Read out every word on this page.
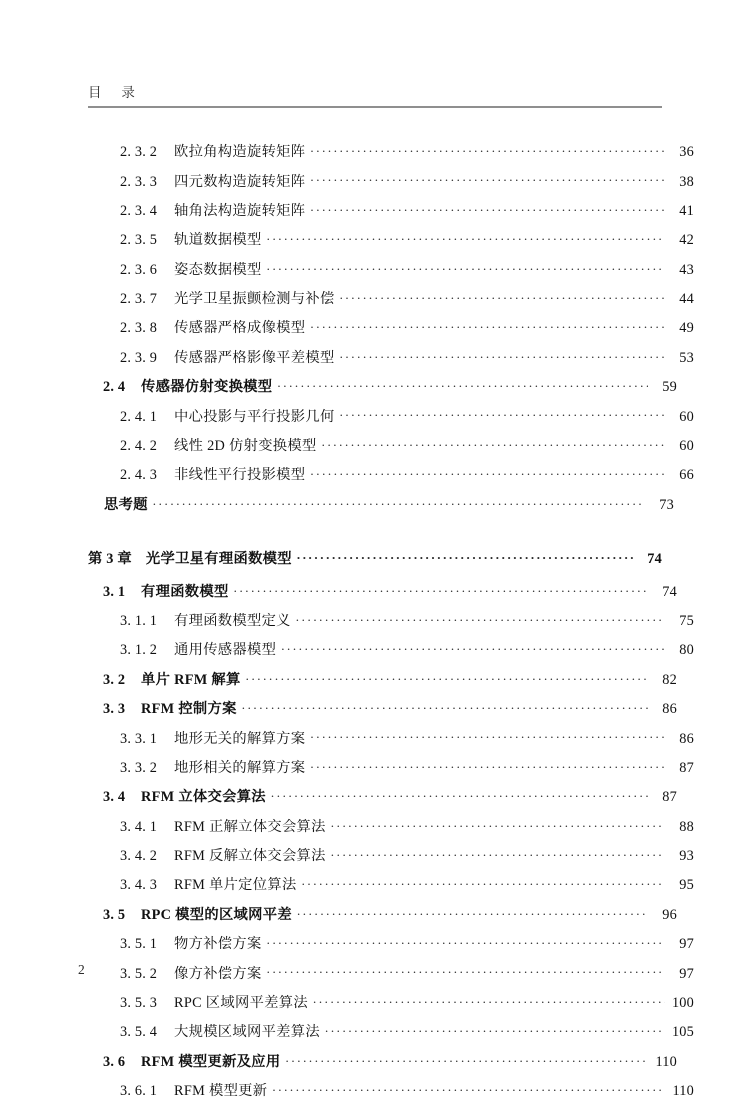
目     录
2. 3. 2	欧拉角构造旋转矩阵 .....	36
2. 3. 3	四元数构造旋转矩阵 .....	38
2. 3. 4	轴角法构造旋转矩阵 .....	41
2. 3. 5	轨道数据模型 .....	42
2. 3. 6	姿态数据模型 .....	43
2. 3. 7	光学卫星振颤检测与补偿 .....	44
2. 3. 8	传感器严格成像模型 .....	49
2. 3. 9	传感器严格影像平差模型 .....	53
2. 4	传感器仿射变换模型 .....	59
2. 4. 1	中心投影与平行投影几何 .....	60
2. 4. 2	线性 2D 仿射变换模型 .....	60
2. 4. 3	非线性平行投影模型 .....	66
思考题 .....	73
第 3 章 光学卫星有理函数模型 .....	74
3. 1	有理函数模型 .....	74
3. 1. 1	有理函数模型定义 .....	75
3. 1. 2	通用传感器模型 .....	80
3. 2	单片 RFM 解算 .....	82
3. 3	RFM 控制方案 .....	86
3. 3. 1	地形无关的解算方案 .....	86
3. 3. 2	地形相关的解算方案 .....	87
3. 4	RFM 立体交会算法 .....	87
3. 4. 1	RFM 正解立体交会算法 .....	88
3. 4. 2	RFM 反解立体交会算法 .....	93
3. 4. 3	RFM 单片定位算法 .....	95
3. 5	RPC 模型的区域网平差 .....	96
3. 5. 1	物方补偿方案 .....	97
3. 5. 2	像方补偿方案 .....	97
3. 5. 3	RPC 区域网平差算法 .....	100
3. 5. 4	大规模区域网平差算法 .....	105
3. 6	RFM 模型更新及应用 .....	110
3. 6. 1	RFM 模型更新 .....	110
2
